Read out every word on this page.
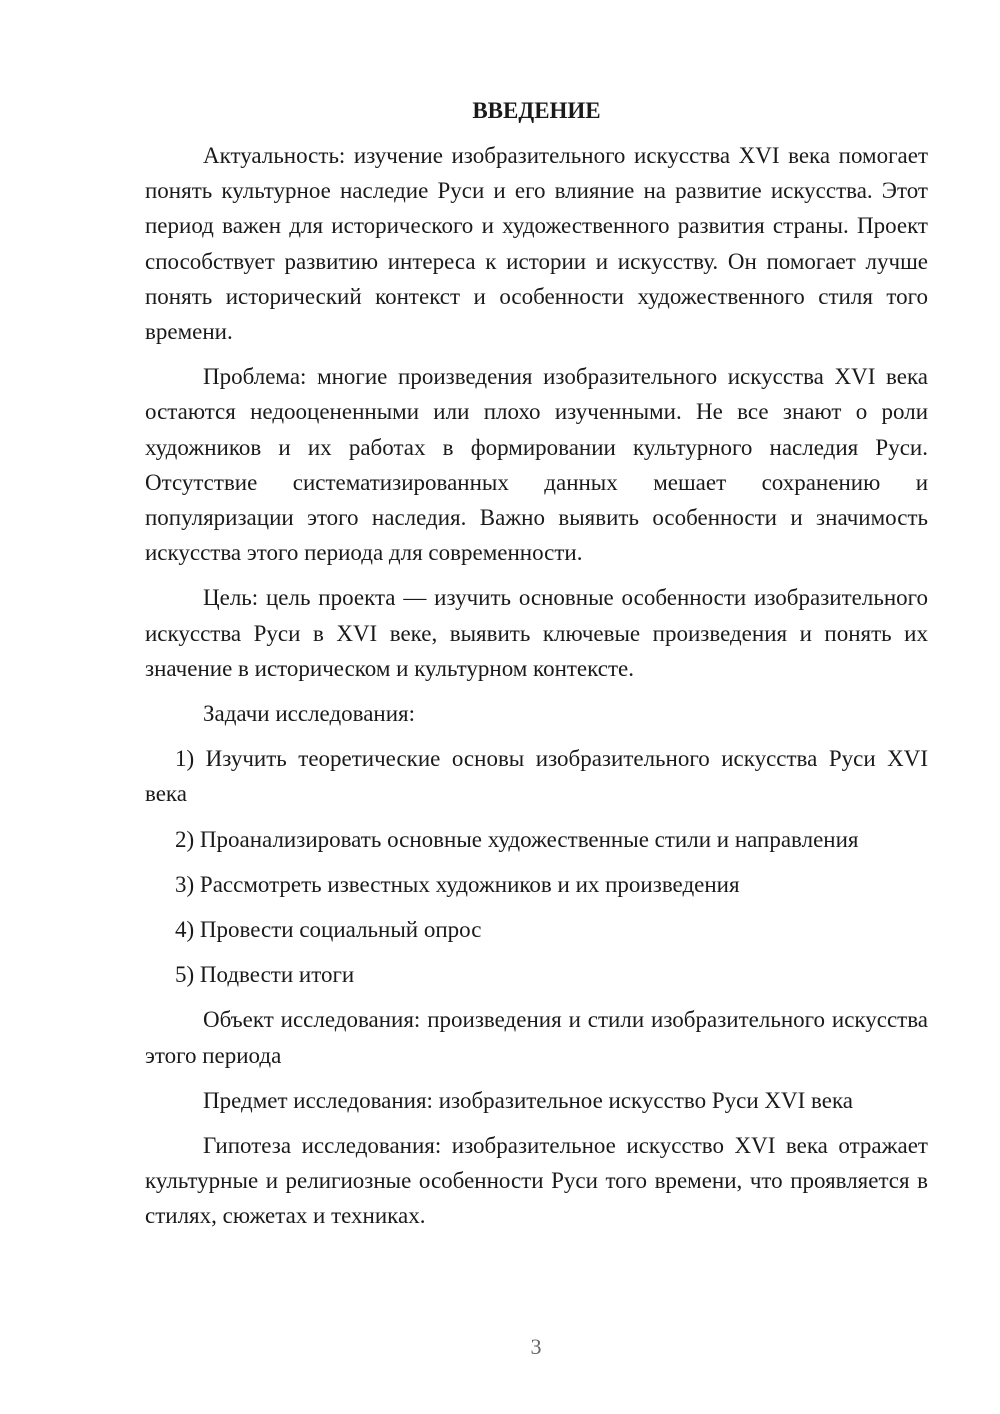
ВВЕДЕНИЕ

Актуальность: изучение изобразительного искусства XVI века помогает понять культурное наследие Руси и его влияние на развитие искусства. Этот период важен для исторического и художественного развития страны. Проект способствует развитию интереса к истории и искусству. Он помогает лучше понять исторический контекст и особенности художественного стиля того времени.

Проблема: многие произведения изобразительного искусства XVI века остаются недооцененными или плохо изученными. Не все знают о роли художников и их работах в формировании культурного наследия Руси. Отсутствие систематизированных данных мешает сохранению и популяризации этого наследия. Важно выявить особенности и значимость искусства этого периода для современности.

Цель: цель проекта — изучить основные особенности изобразительного искусства Руси в XVI веке, выявить ключевые произведения и понять их значение в историческом и культурном контексте.

Задачи исследования:

1) Изучить теоретические основы изобразительного искусства Руси XVI века

2) Проанализировать основные художественные стили и направления

3) Рассмотреть известных художников и их произведения

4) Провести социальный опрос

5) Подвести итоги

Объект исследования: произведения и стили изобразительного искусства этого периода

Предмет исследования: изобразительное искусство Руси XVI века

Гипотеза исследования: изобразительное искусство XVI века отражает культурные и религиозные особенности Руси того времени, что проявляется в стилях, сюжетах и техниках.

3
